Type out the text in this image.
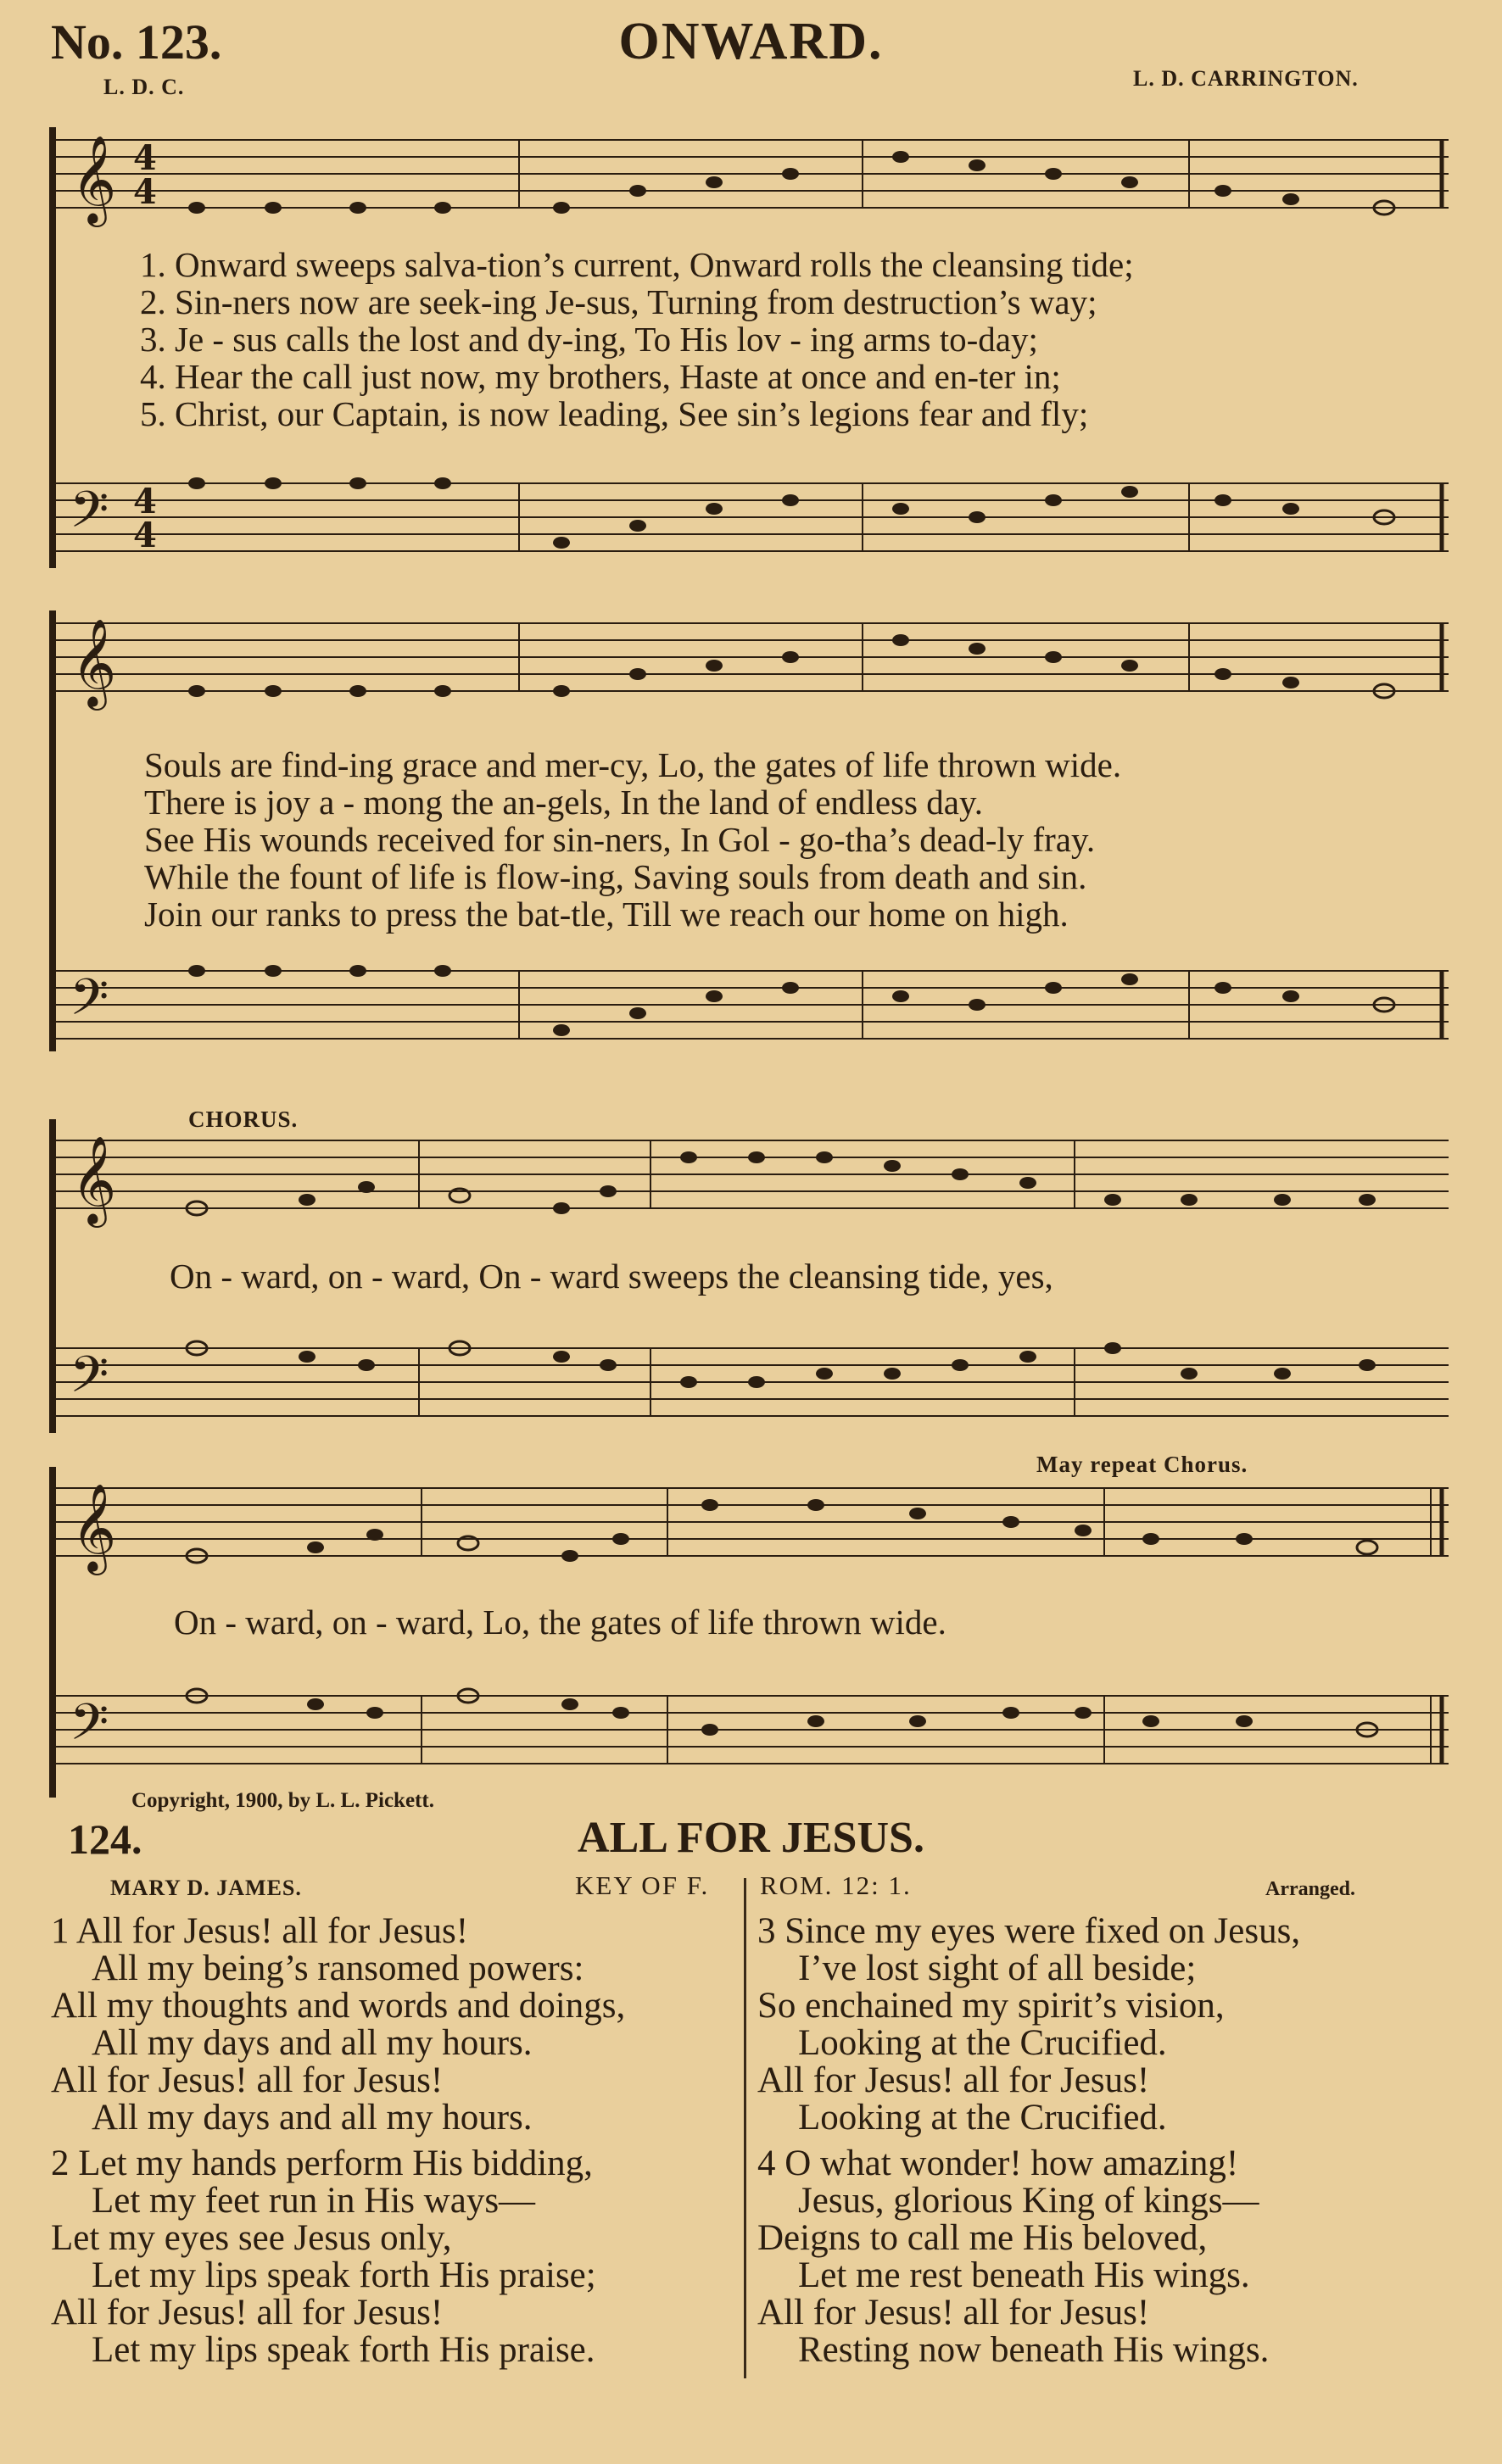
No. 123.	ONWARD.
L. D. C.	L. D. CARRINGTON.
𝄞 4
4
1. Onward sweeps salva-tion’s current, Onward rolls the cleansing tide;
2. Sin-ners now are seek-ing Je-sus, Turning from destruction’s way;
3. Je - sus calls the lost and dy-ing, To His lov - ing arms to-day;
4. Hear the call just now, my brothers, Haste at once and en-ter in;
5. Christ, our Captain, is now leading, See sin’s legions fear and fly;
𝄢 4
4
𝄞
Souls are find-ing grace and mer-cy, Lo, the gates of life thrown wide.
There is joy a - mong the an-gels, In the land of endless day.
See His wounds received for sin-ners, In Gol - go-tha’s dead-ly fray.
While the fount of life is flow-ing, Saving souls from death and sin.
Join our ranks to press the bat-tle, Till we reach our home on high.
𝄢
CHORUS.
𝄞
On - ward, on - ward, On - ward sweeps the cleansing tide, yes,
𝄢
May repeat Chorus.
𝄞
On - ward, on - ward, Lo, the gates of life thrown wide.
𝄢
Copyright, 1900, by L. L. Pickett.
124.	ALL FOR JESUS.
MARY D. JAMES.	KEY OF F. ROM. 12: 1.	Arranged.
1 All for Jesus! all for Jesus!
All my being’s ransomed powers:
All my thoughts and words and doings,
All my days and all my hours.
All for Jesus! all for Jesus!
All my days and all my hours.
2 Let my hands perform His bidding,
Let my feet run in His ways—
Let my eyes see Jesus only,
Let my lips speak forth His praise;
All for Jesus! all for Jesus!
Let my lips speak forth His praise.
3 Since my eyes were fixed on Jesus,
I’ve lost sight of all beside;
So enchained my spirit’s vision,
Looking at the Crucified.
All for Jesus! all for Jesus!
Looking at the Crucified.
4 O what wonder! how amazing!
Jesus, glorious King of kings—
Deigns to call me His beloved,
Let me rest beneath His wings.
All for Jesus! all for Jesus!
Resting now beneath His wings.
